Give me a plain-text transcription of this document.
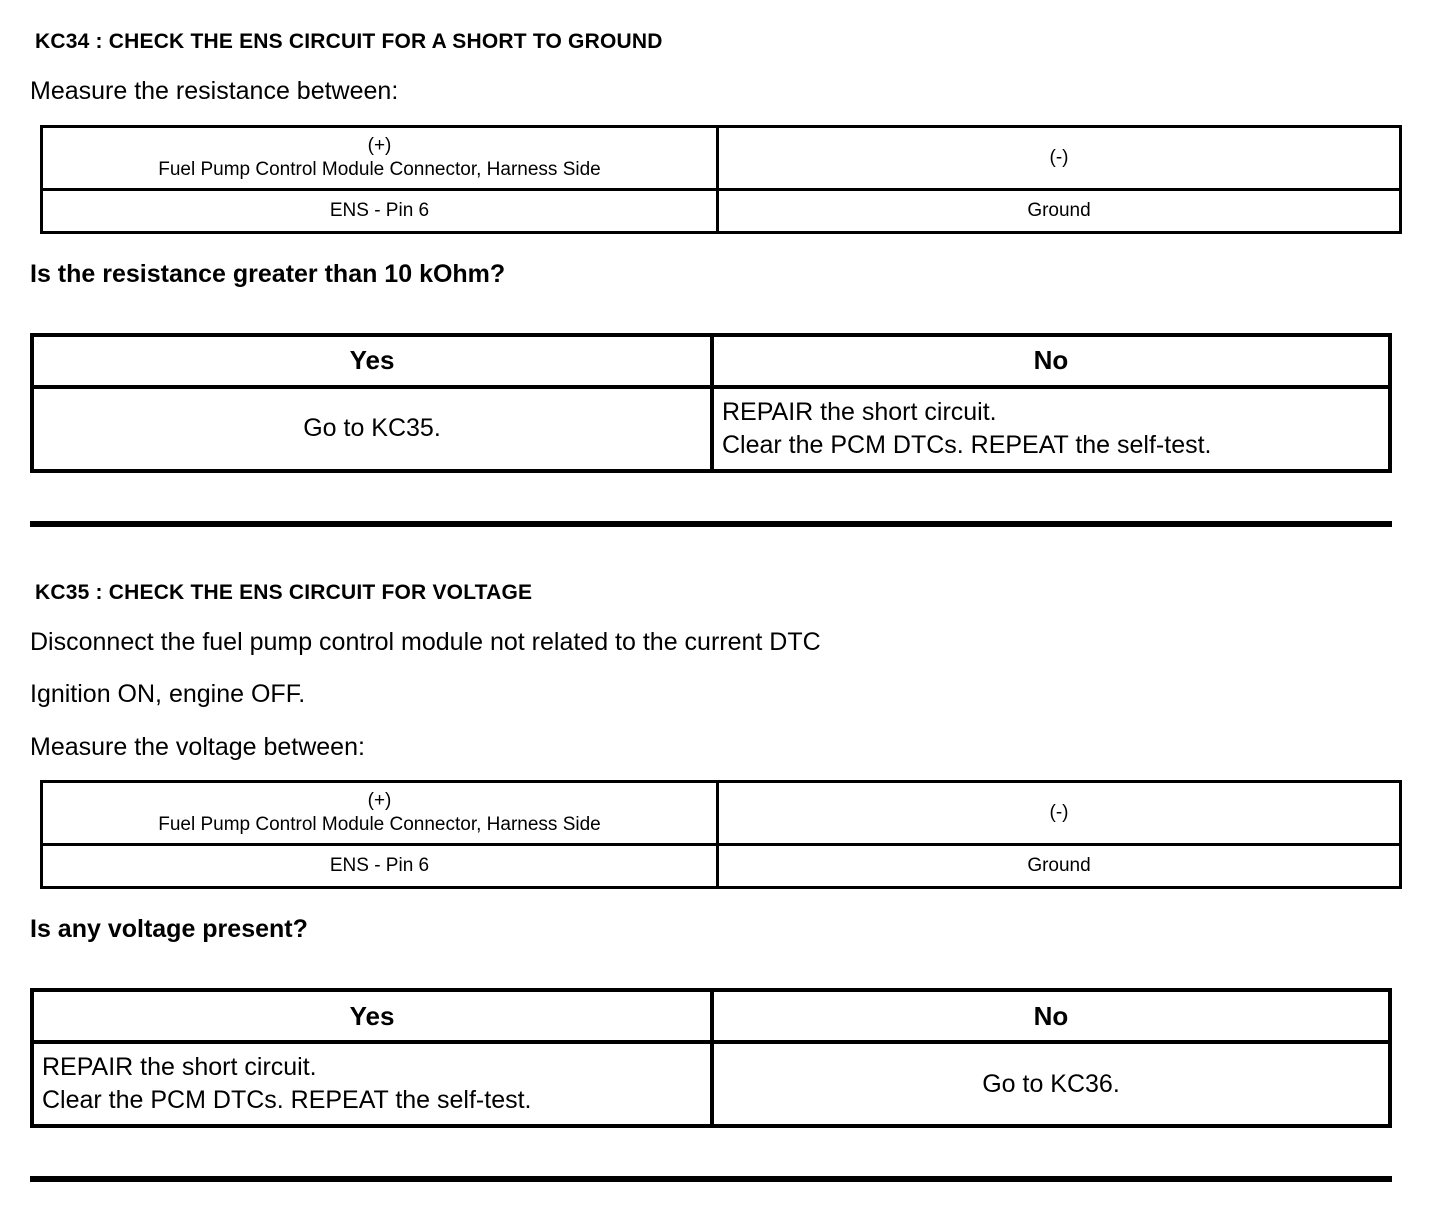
KC34 : CHECK THE ENS CIRCUIT FOR A SHORT TO GROUND
Measure the resistance between:
(+)
Fuel Pump Control Module Connector, Harness Side	(-)

ENS - Pin 6	Ground
Is the resistance greater than 10 kOhm?
Yes	No
Go to KC35.	REPAIR the short circuit.
Clear the PCM DTCs. REPEAT the self-test.
KC35 : CHECK THE ENS CIRCUIT FOR VOLTAGE
Disconnect the fuel pump control module not related to the current DTC
Ignition ON, engine OFF.
Measure the voltage between:
(+)
Fuel Pump Control Module Connector, Harness Side	(-)

ENS - Pin 6	Ground
Is any voltage present?
Yes	No
REPAIR the short circuit.
Clear the PCM DTCs. REPEAT the self-test.	Go to KC36.
